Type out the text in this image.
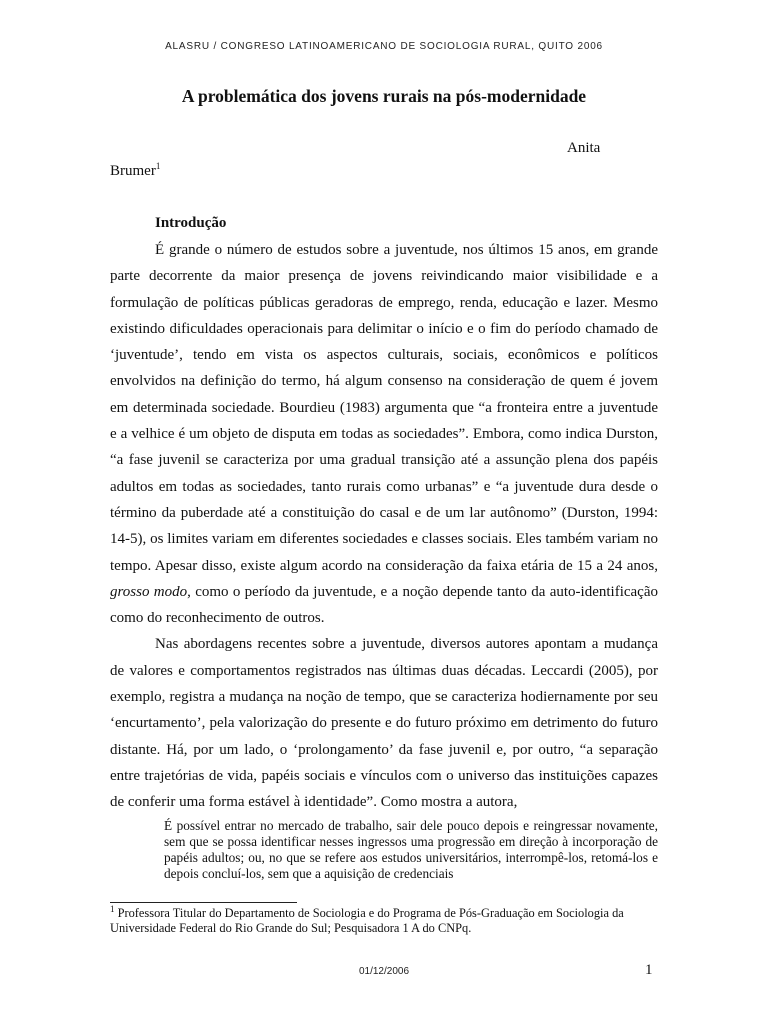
ALASRU / CONGRESO LATINOAMERICANO DE SOCIOLOGIA RURAL, QUITO 2006
A problemática dos jovens rurais na pós-modernidade
Anita
Brumer$^1$
Introdução

É grande o número de estudos sobre a juventude, nos últimos 15 anos, em grande parte decorrente da maior presença de jovens reivindicando maior visibilidade e a formulação de políticas públicas geradoras de emprego, renda, educação e lazer. Mesmo existindo dificuldades operacionais para delimitar o início e o fim do período chamado de ‘juventude’, tendo em vista os aspectos culturais, sociais, econômicos e políticos envolvidos na definição do termo, há algum consenso na consideração de quem é jovem em determinada sociedade. Bourdieu (1983) argumenta que “a fronteira entre a juventude e a velhice é um objeto de disputa em todas as sociedades”. Embora, como indica Durston, “a fase juvenil se caracteriza por uma gradual transição até a assunção plena dos papéis adultos em todas as sociedades, tanto rurais como urbanas” e “a juventude dura desde o término da puberdade até a constituição do casal e de um lar autônomo” (Durston, 1994: 14-5), os limites variam em diferentes sociedades e classes sociais. Eles também variam no tempo. Apesar disso, existe algum acordo na consideração da faixa etária de 15 a 24 anos, grosso modo, como o período da juventude, e a noção depende tanto da auto-identificação como do reconhecimento de outros.

Nas abordagens recentes sobre a juventude, diversos autores apontam a mudança de valores e comportamentos registrados nas últimas duas décadas. Leccardi (2005), por exemplo, registra a mudança na noção de tempo, que se caracteriza hodiernamente por seu ‘encurtamento’, pela valorização do presente e do futuro próximo em detrimento do futuro distante. Há, por um lado, o ‘prolongamento’ da fase juvenil e, por outro, “a separação entre trajetórias de vida, papéis sociais e vínculos com o universo das instituições capazes de conferir uma forma estável à identidade”. Como mostra a autora,

É possível entrar no mercado de trabalho, sair dele pouco depois e reingressar novamente, sem que se possa identificar nesses ingressos uma progressão em direção à incorporação de papéis adultos; ou, no que se refere aos estudos universitários, interrompê-los, retomá-los e depois concluí-los, sem que a aquisição de credenciais
$^1$ Professora Titular do Departamento de Sociologia e do Programa de Pós-Graduação em Sociologia da Universidade Federal do Rio Grande do Sul; Pesquisadora 1 A do CNPq.
01/12/2006	1
